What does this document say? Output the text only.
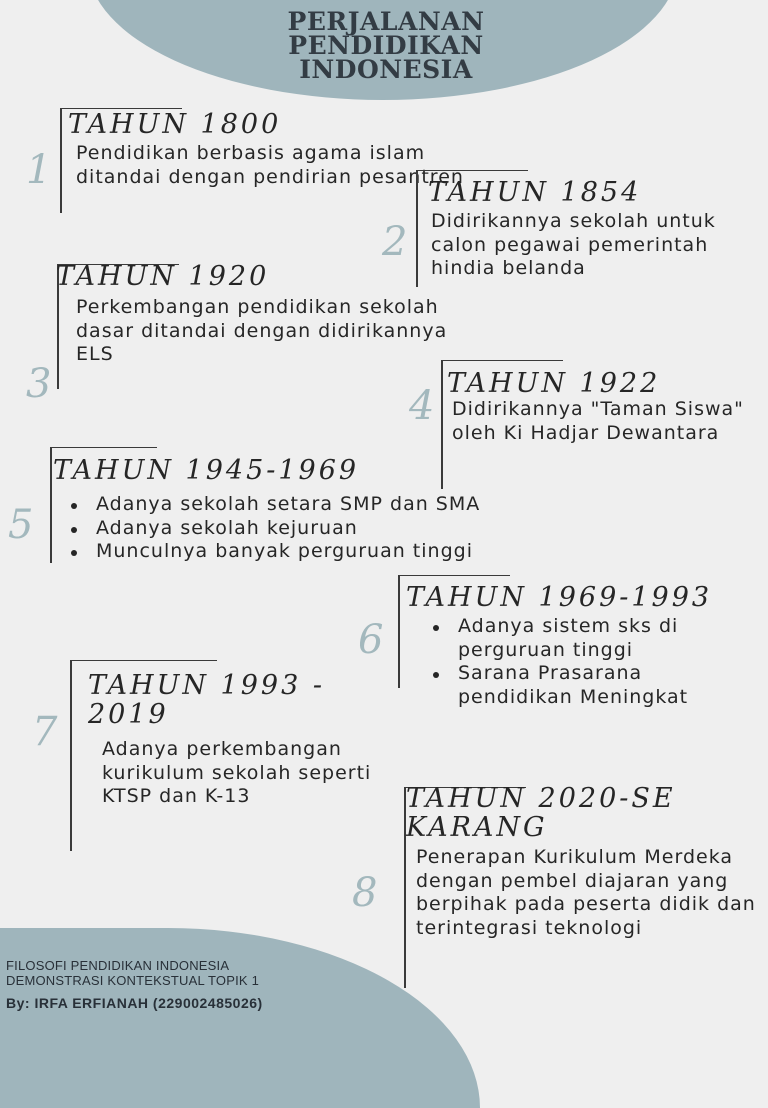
PERJALANAN
PENDIDIKAN
INDONESIA
1
TAHUN 1800

Pendidikan berbasis agama islam ditandai dengan pendirian pesantren

2
TAHUN 1854

Didirikannya sekolah untuk calon pegawai pemerintah hindia belanda

3
TAHUN 1920

Perkembangan pendidikan sekolah dasar ditandai dengan didirikannya ELS

4 TAHUN 1922

Didirikannya "Taman Siswa" oleh Ki Hadjar Dewantara

5
TAHUN 1945-1969
Adanya sekolah setara SMP dan SMA
Adanya sekolah kejuruan
Munculnya banyak perguruan tinggi
6
TAHUN 1969-1993
Adanya sistem sks di perguruan tinggi
Sarana Prasarana pendidikan Meningkat
7
TAHUN 1993 - 2019

Adanya perkembangan kurikulum sekolah seperti KTSP dan K-13

8
TAHUN 2020-SEKARANG

Penerapan Kurikulum Merdeka dengan pembel diajaran yang berpihak pada peserta didik dan terintegrasi teknologi

FILOSOFI PENDIDIKAN INDONESIA
DEMONSTRASI KONTEKSTUAL TOPIK 1
By: IRFA ERFIANAH (229002485026)
